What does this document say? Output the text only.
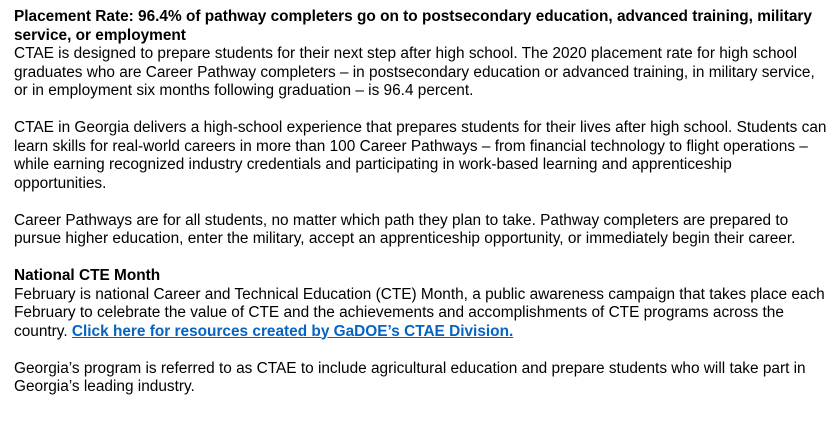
Placement Rate: 96.4% of pathway completers go on to postsecondary education, advanced training, military service, or employment

CTAE is designed to prepare students for their next step after high school. The 2020 placement rate for high school graduates who are Career Pathway completers – in postsecondary education or advanced training, in military service, or in employment six months following graduation – is 96.4 percent.

CTAE in Georgia delivers a high-school experience that prepares students for their lives after high school. Students can learn skills for real-world careers in more than 100 Career Pathways – from financial technology to flight operations – while earning recognized industry credentials and participating in work-based learning and apprenticeship opportunities.

Career Pathways are for all students, no matter which path they plan to take. Pathway completers are prepared to pursue higher education, enter the military, accept an apprenticeship opportunity, or immediately begin their career.

National CTE Month

February is national Career and Technical Education (CTE) Month, a public awareness campaign that takes place each February to celebrate the value of CTE and the achievements and accomplishments of CTE programs across the country. Click here for resources created by GaDOE’s CTAE Division.

Georgia’s program is referred to as CTAE to include agricultural education and prepare students who will take part in Georgia’s leading industry.
